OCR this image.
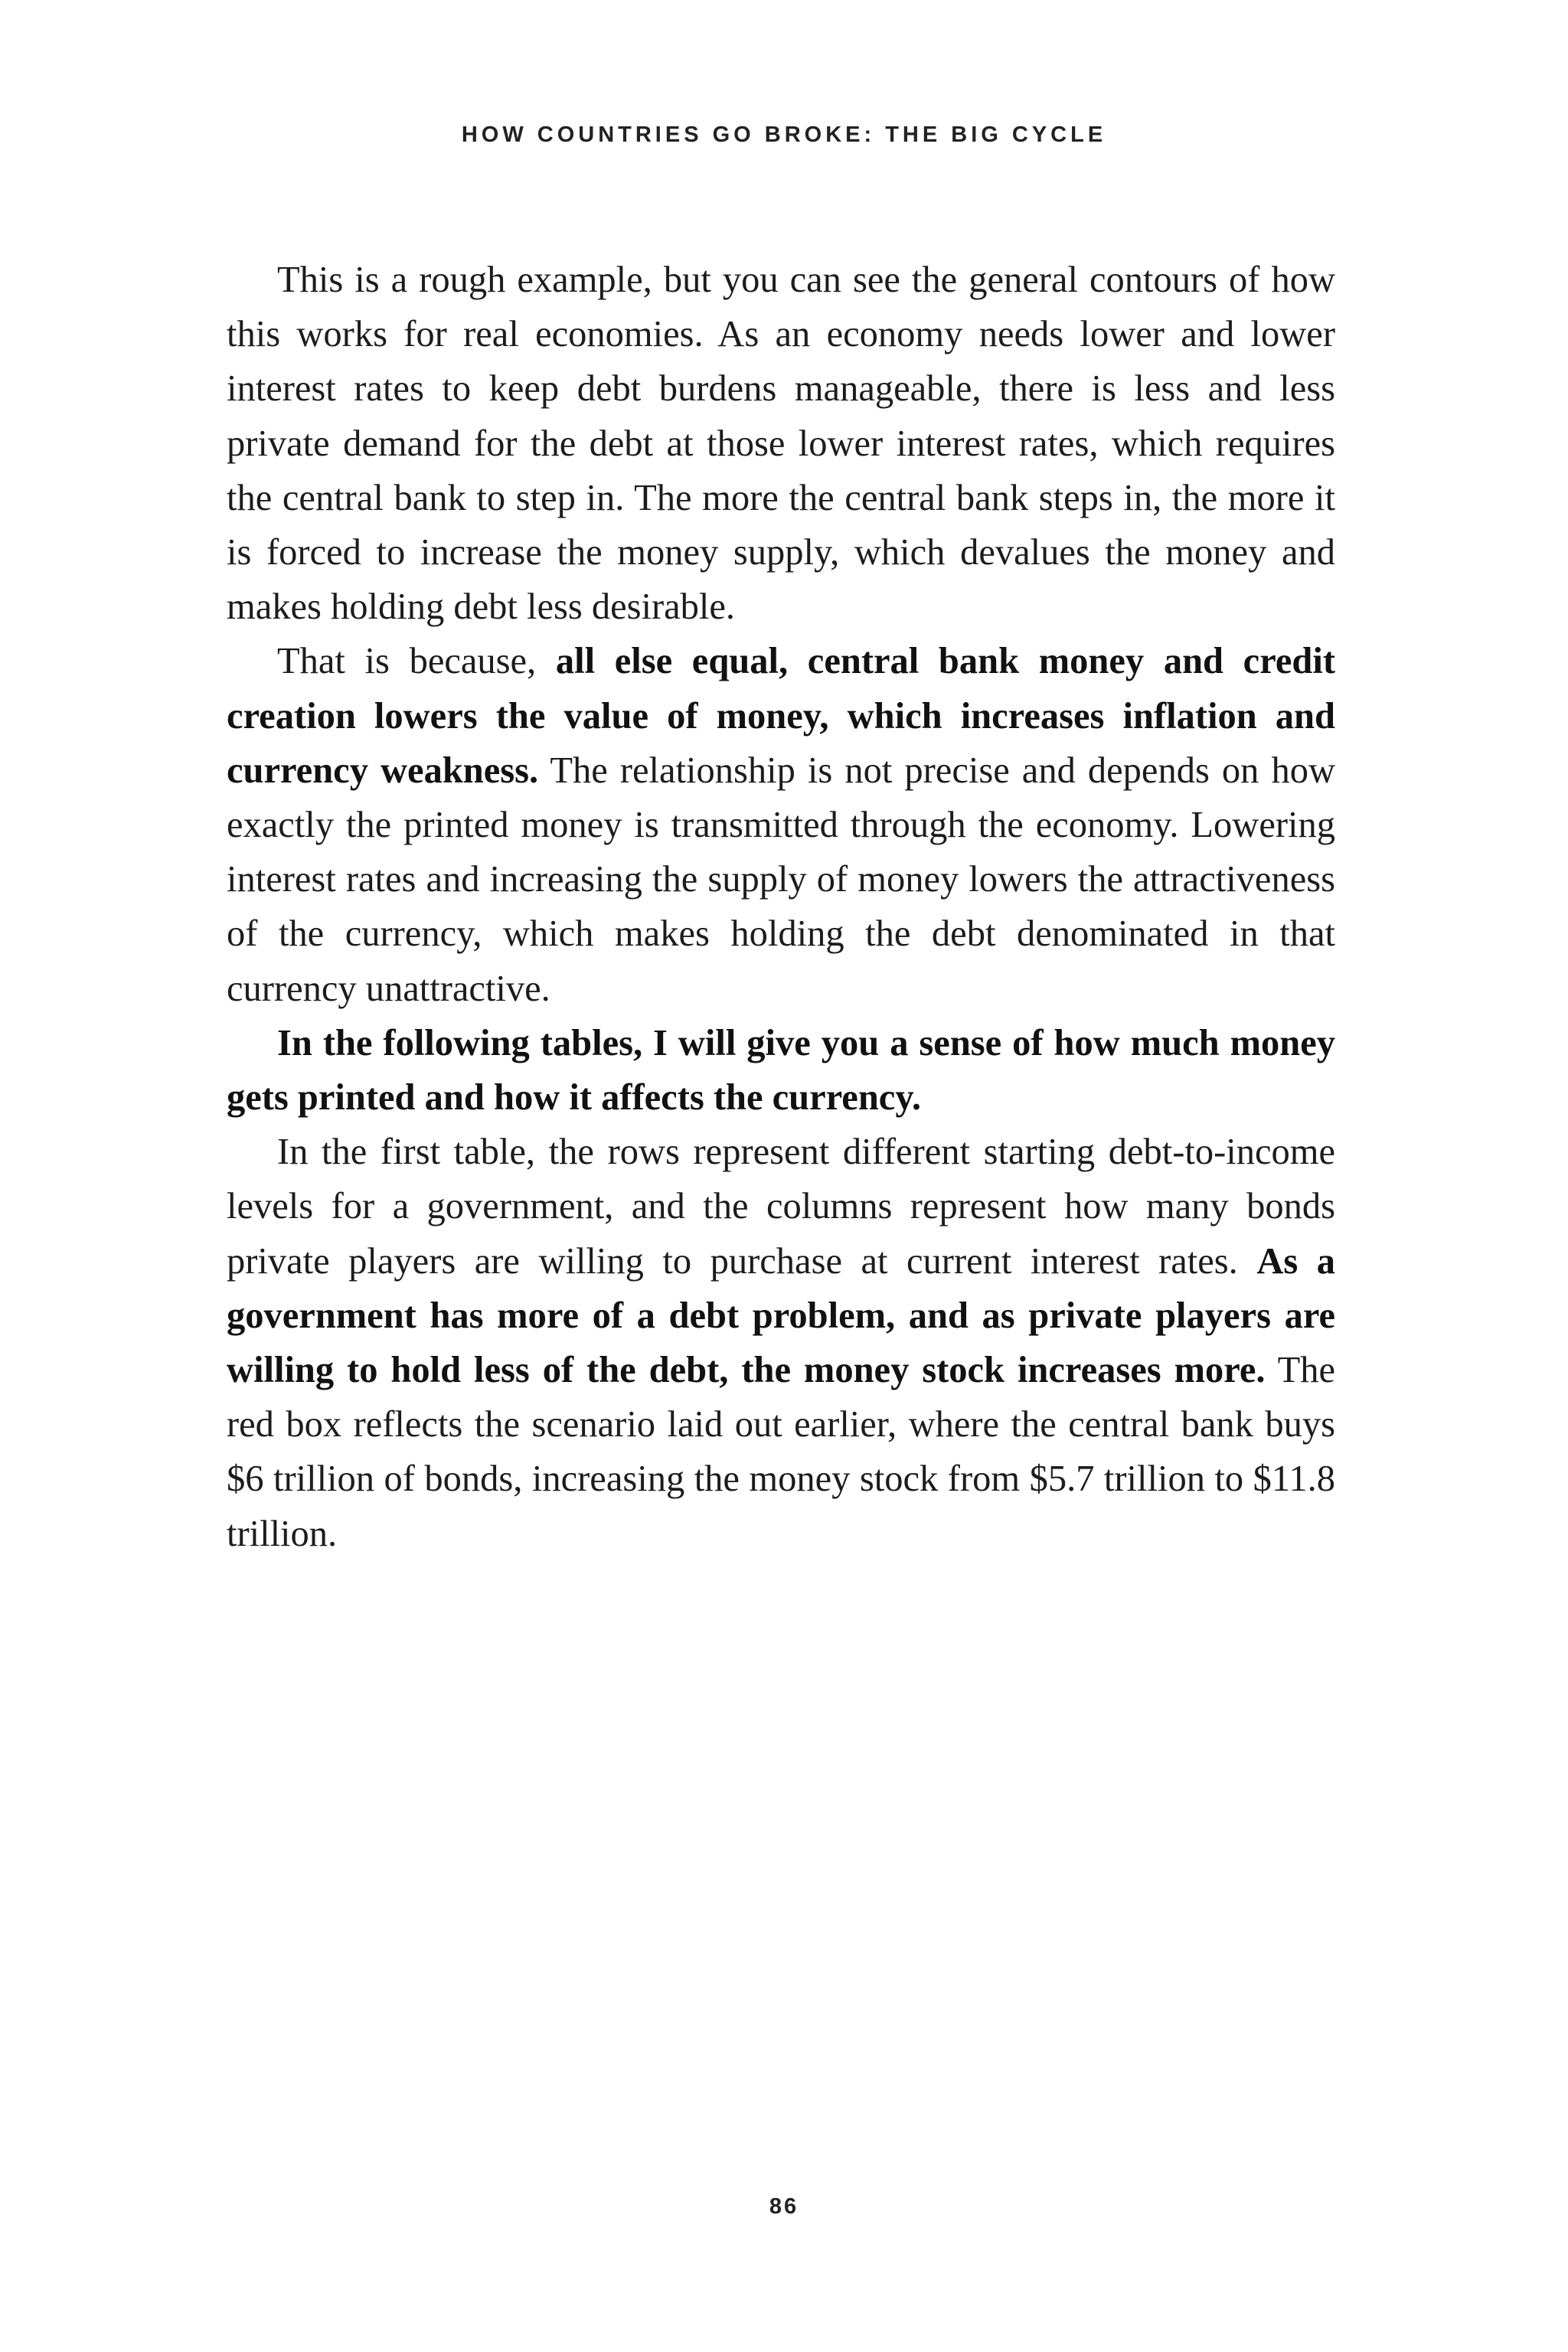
HOW COUNTRIES GO BROKE: THE BIG CYCLE

This is a rough example, but you can see the general contours of how this works for real economies. As an economy needs lower and lower interest rates to keep debt burdens manageable, there is less and less private demand for the debt at those lower interest rates, which requires the central bank to step in. The more the central bank steps in, the more it is forced to increase the money supply, which devalues the money and makes holding debt less desirable.

That is because, all else equal, central bank money and credit creation lowers the value of money, which increases inflation and currency weakness. The relationship is not precise and depends on how exactly the printed money is transmitted through the economy. Lowering interest rates and increasing the supply of money lowers the attractiveness of the currency, which makes holding the debt denominated in that currency unattractive.

In the following tables, I will give you a sense of how much money gets printed and how it affects the currency.

In the first table, the rows represent different starting debt-to-income levels for a government, and the columns represent how many bonds private players are willing to purchase at current interest rates. As a government has more of a debt problem, and as private players are willing to hold less of the debt, the money stock increases more. The red box reflects the scenario laid out earlier, where the central bank buys $6 trillion of bonds, increasing the money stock from $5.7 trillion to $11.8 trillion.

86
